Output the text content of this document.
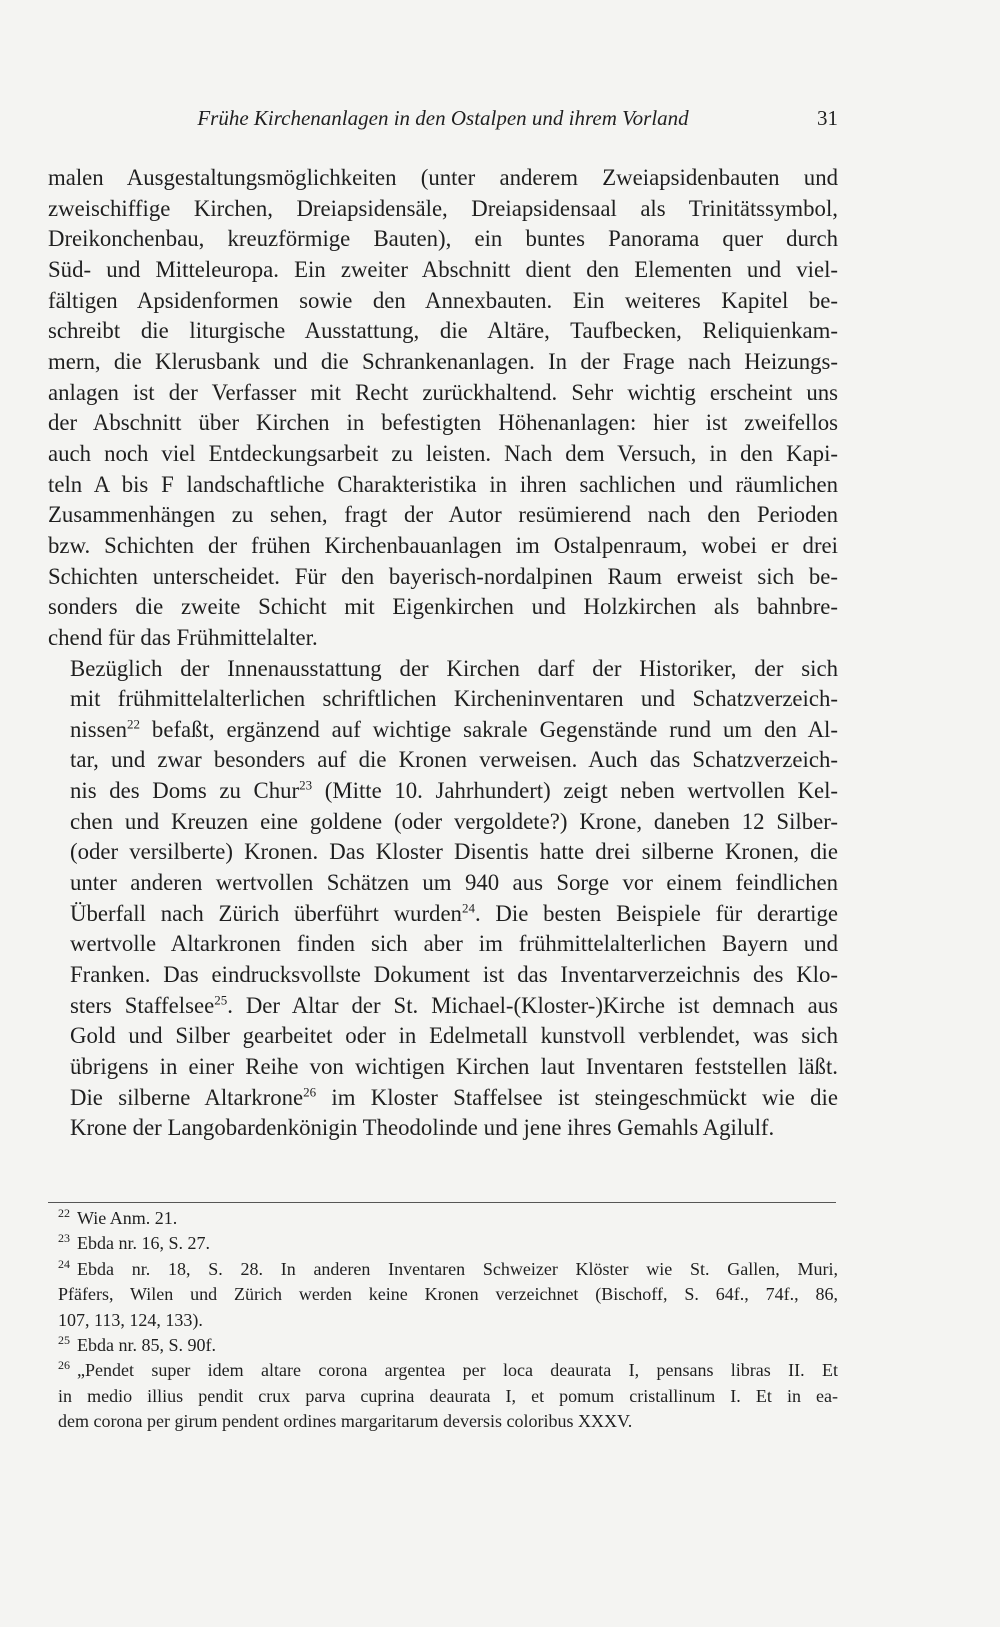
Frühe Kirchenanlagen in den Ostalpen und ihrem Vorland	31

malen Ausgestaltungsmöglichkeiten (unter anderem Zweiapsidenbauten und
zweischiffige Kirchen, Dreiapsidensäle, Dreiapsidensaal als Trinitätssymbol,
Dreikonchenbau, kreuzförmige Bauten), ein buntes Panorama quer durch
Süd- und Mitteleuropa. Ein zweiter Abschnitt dient den Elementen und viel-
fältigen Apsidenformen sowie den Annexbauten. Ein weiteres Kapitel be-
schreibt die liturgische Ausstattung, die Altäre, Taufbecken, Reliquienkam-
mern, die Klerusbank und die Schrankenanlagen. In der Frage nach Heizungs-
anlagen ist der Verfasser mit Recht zurückhaltend. Sehr wichtig erscheint uns
der Abschnitt über Kirchen in befestigten Höhenanlagen: hier ist zweifellos
auch noch viel Entdeckungsarbeit zu leisten. Nach dem Versuch, in den Kapi-
teln A bis F landschaftliche Charakteristika in ihren sachlichen und räumlichen
Zusammenhängen zu sehen, fragt der Autor resümierend nach den Perioden
bzw. Schichten der frühen Kirchenbauanlagen im Ostalpenraum, wobei er drei
Schichten unterscheidet. Für den bayerisch-nordalpinen Raum erweist sich be-
sonders die zweite Schicht mit Eigenkirchen und Holzkirchen als bahnbre-
chend für das Frühmittelalter.

Bezüglich der Innenausstattung der Kirchen darf der Historiker, der sich
mit frühmittelalterlichen schriftlichen Kircheninventaren und Schatzverzeich-
nissen$^{22}$ befaßt, ergänzend auf wichtige sakrale Gegenstände rund um den Al-
tar, und zwar besonders auf die Kronen verweisen. Auch das Schatzverzeich-
nis des Doms zu Chur$^{23}$ (Mitte 10. Jahrhundert) zeigt neben wertvollen Kel-
chen und Kreuzen eine goldene (oder vergoldete?) Krone, daneben 12 Silber-
(oder versilberte) Kronen. Das Kloster Disentis hatte drei silberne Kronen, die
unter anderen wertvollen Schätzen um 940 aus Sorge vor einem feindlichen
Überfall nach Zürich überführt wurden$^{24}$. Die besten Beispiele für derartige
wertvolle Altarkronen finden sich aber im frühmittelalterlichen Bayern und
Franken. Das eindrucksvollste Dokument ist das Inventarverzeichnis des Klo-
sters Staffelsee$^{25}$. Der Altar der St. Michael-(Kloster-)Kirche ist demnach aus
Gold und Silber gearbeitet oder in Edelmetall kunstvoll verblendet, was sich
übrigens in einer Reihe von wichtigen Kirchen laut Inventaren feststellen läßt.
Die silberne Altarkrone$^{26}$ im Kloster Staffelsee ist steingeschmückt wie die
Krone der Langobardenkönigin Theodolinde und jene ihres Gemahls Agilulf.

$^{22}$ Wie Anm. 21.

$^{23}$ Ebda nr. 16, S. 27.

$^{24}$ Ebda nr. 18, S. 28. In anderen Inventaren Schweizer Klöster wie St. Gallen, Muri,
Pfäfers, Wilen und Zürich werden keine Kronen verzeichnet (Bischoff, S. 64f., 74f., 86,
107, 113, 124, 133).

$^{25}$ Ebda nr. 85, S. 90f.

$^{26}$ „Pendet super idem altare corona argentea per loca deaurata I, pensans libras II. Et
in medio illius pendit crux parva cuprina deaurata I, et pomum cristallinum I. Et in ea-
dem corona per girum pendent ordines margaritarum deversis coloribus XXXV.
